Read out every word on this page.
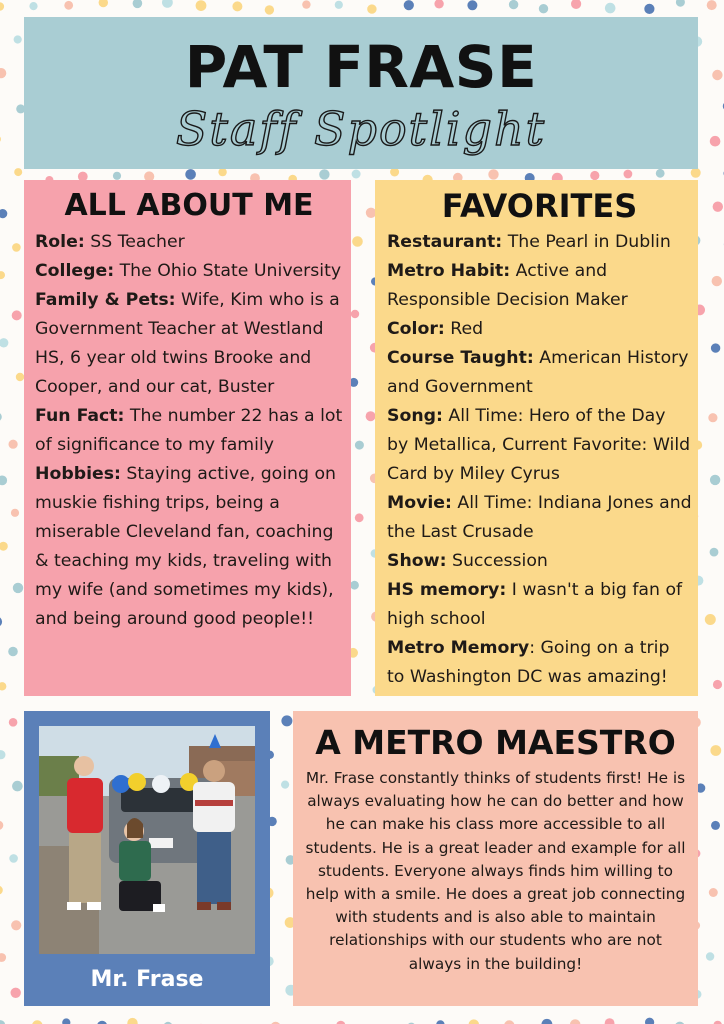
PAT FRASE
Staff Spotlight
ALL ABOUT ME

Role: SS Teacher

College: The Ohio State University

Family & Pets: Wife, Kim who is a Government Teacher at Westland HS, 6 year old twins Brooke and Cooper, and our cat, Buster

Fun Fact: The number 22 has a lot of significance to my family

Hobbies: Staying active, going on muskie fishing trips, being a miserable Cleveland fan, coaching & teaching my kids, traveling with my wife (and sometimes my kids), and being around good people!!

FAVORITES

Restaurant: The Pearl in Dublin

Metro Habit: Active and Responsible Decision Maker

Color: Red

Course Taught: American History and Government

Song: All Time: Hero of the Day by Metallica, Current Favorite: Wild Card by Miley Cyrus

Movie: All Time: Indiana Jones and the Last Crusade

Show: Succession

HS memory: I wasn't a big fan of high school

Metro Memory: Going on a trip to Washington DC was amazing!

Mr. Frase
A METRO MAESTRO

Mr. Frase constantly thinks of students first! He is always evaluating how he can do better and how he can make his class more accessible to all students. He is a great leader and example for all students. Everyone always finds him willing to help with a smile. He does a great job connecting with students and is also able to maintain relationships with our students who are not always in the building!
